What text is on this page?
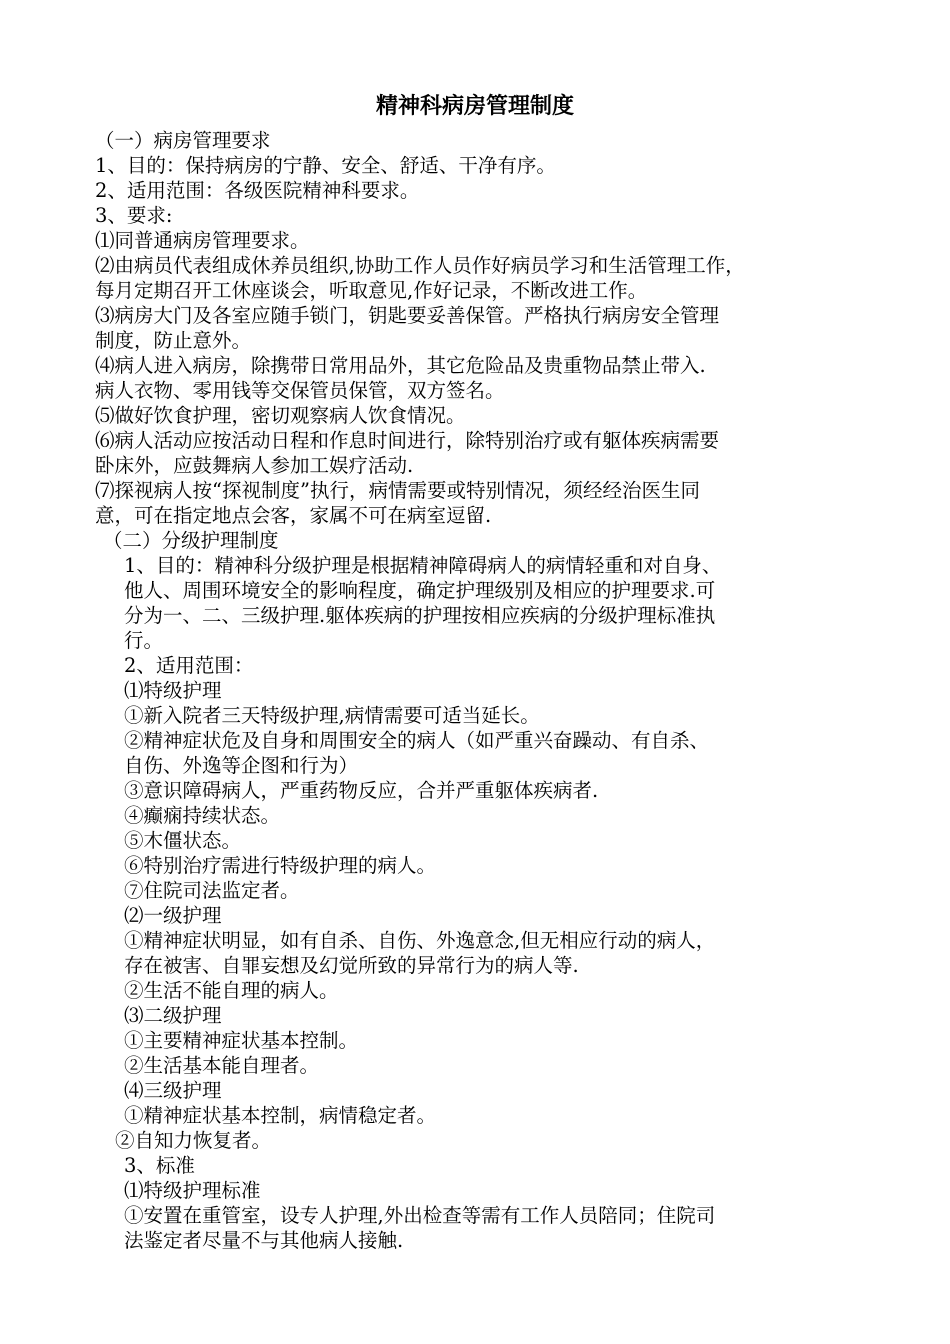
精神科病房管理制度
（一）病房管理要求
1、目的：保持病房的宁静、安全、舒适、干净有序。
2、适用范围：各级医院精神科要求。
3、要求:
⑴同普通病房管理要求。
⑵由病员代表组成休养员组织,协助工作人员作好病员学习和生活管理工作，
每月定期召开工休座谈会，听取意见,作好记录，不断改进工作。
⑶病房大门及各室应随手锁门，钥匙要妥善保管。严格执行病房安全管理
制度，防止意外。
⑷病人进入病房，除携带日常用品外，其它危险品及贵重物品禁止带入.
病人衣物、零用钱等交保管员保管，双方签名。
⑸做好饮食护理，密切观察病人饮食情况。
⑹病人活动应按活动日程和作息时间进行，除特别治疗或有躯体疾病需要
卧床外，应鼓舞病人参加工娱疗活动.
⑺探视病人按“探视制度”执行，病情需要或特别情况，须经经治医生同
意，可在指定地点会客，家属不可在病室逗留.
（二）分级护理制度
1、目的：精神科分级护理是根据精神障碍病人的病情轻重和对自身、
他人、周围环境安全的影响程度，确定护理级别及相应的护理要求.可
分为一、二、三级护理.躯体疾病的护理按相应疾病的分级护理标准执
行。
2、适用范围：
⑴特级护理
①新入院者三天特级护理,病情需要可适当延长。
②精神症状危及自身和周围安全的病人（如严重兴奋躁动、有自杀、
自伤、外逸等企图和行为）
③意识障碍病人，严重药物反应，合并严重躯体疾病者.
④癫痫持续状态。
⑤木僵状态。
⑥特别治疗需进行特级护理的病人。
⑦住院司法监定者。
⑵一级护理
①精神症状明显，如有自杀、自伤、外逸意念,但无相应行动的病人，
存在被害、自罪妄想及幻觉所致的异常行为的病人等.
②生活不能自理的病人。
⑶二级护理
①主要精神症状基本控制。
②生活基本能自理者。
⑷三级护理
①精神症状基本控制，病情稳定者。
②自知力恢复者。
3、标准
⑴特级护理标准
①安置在重管室，设专人护理,外出检查等需有工作人员陪同；住院司
法鉴定者尽量不与其他病人接触.
